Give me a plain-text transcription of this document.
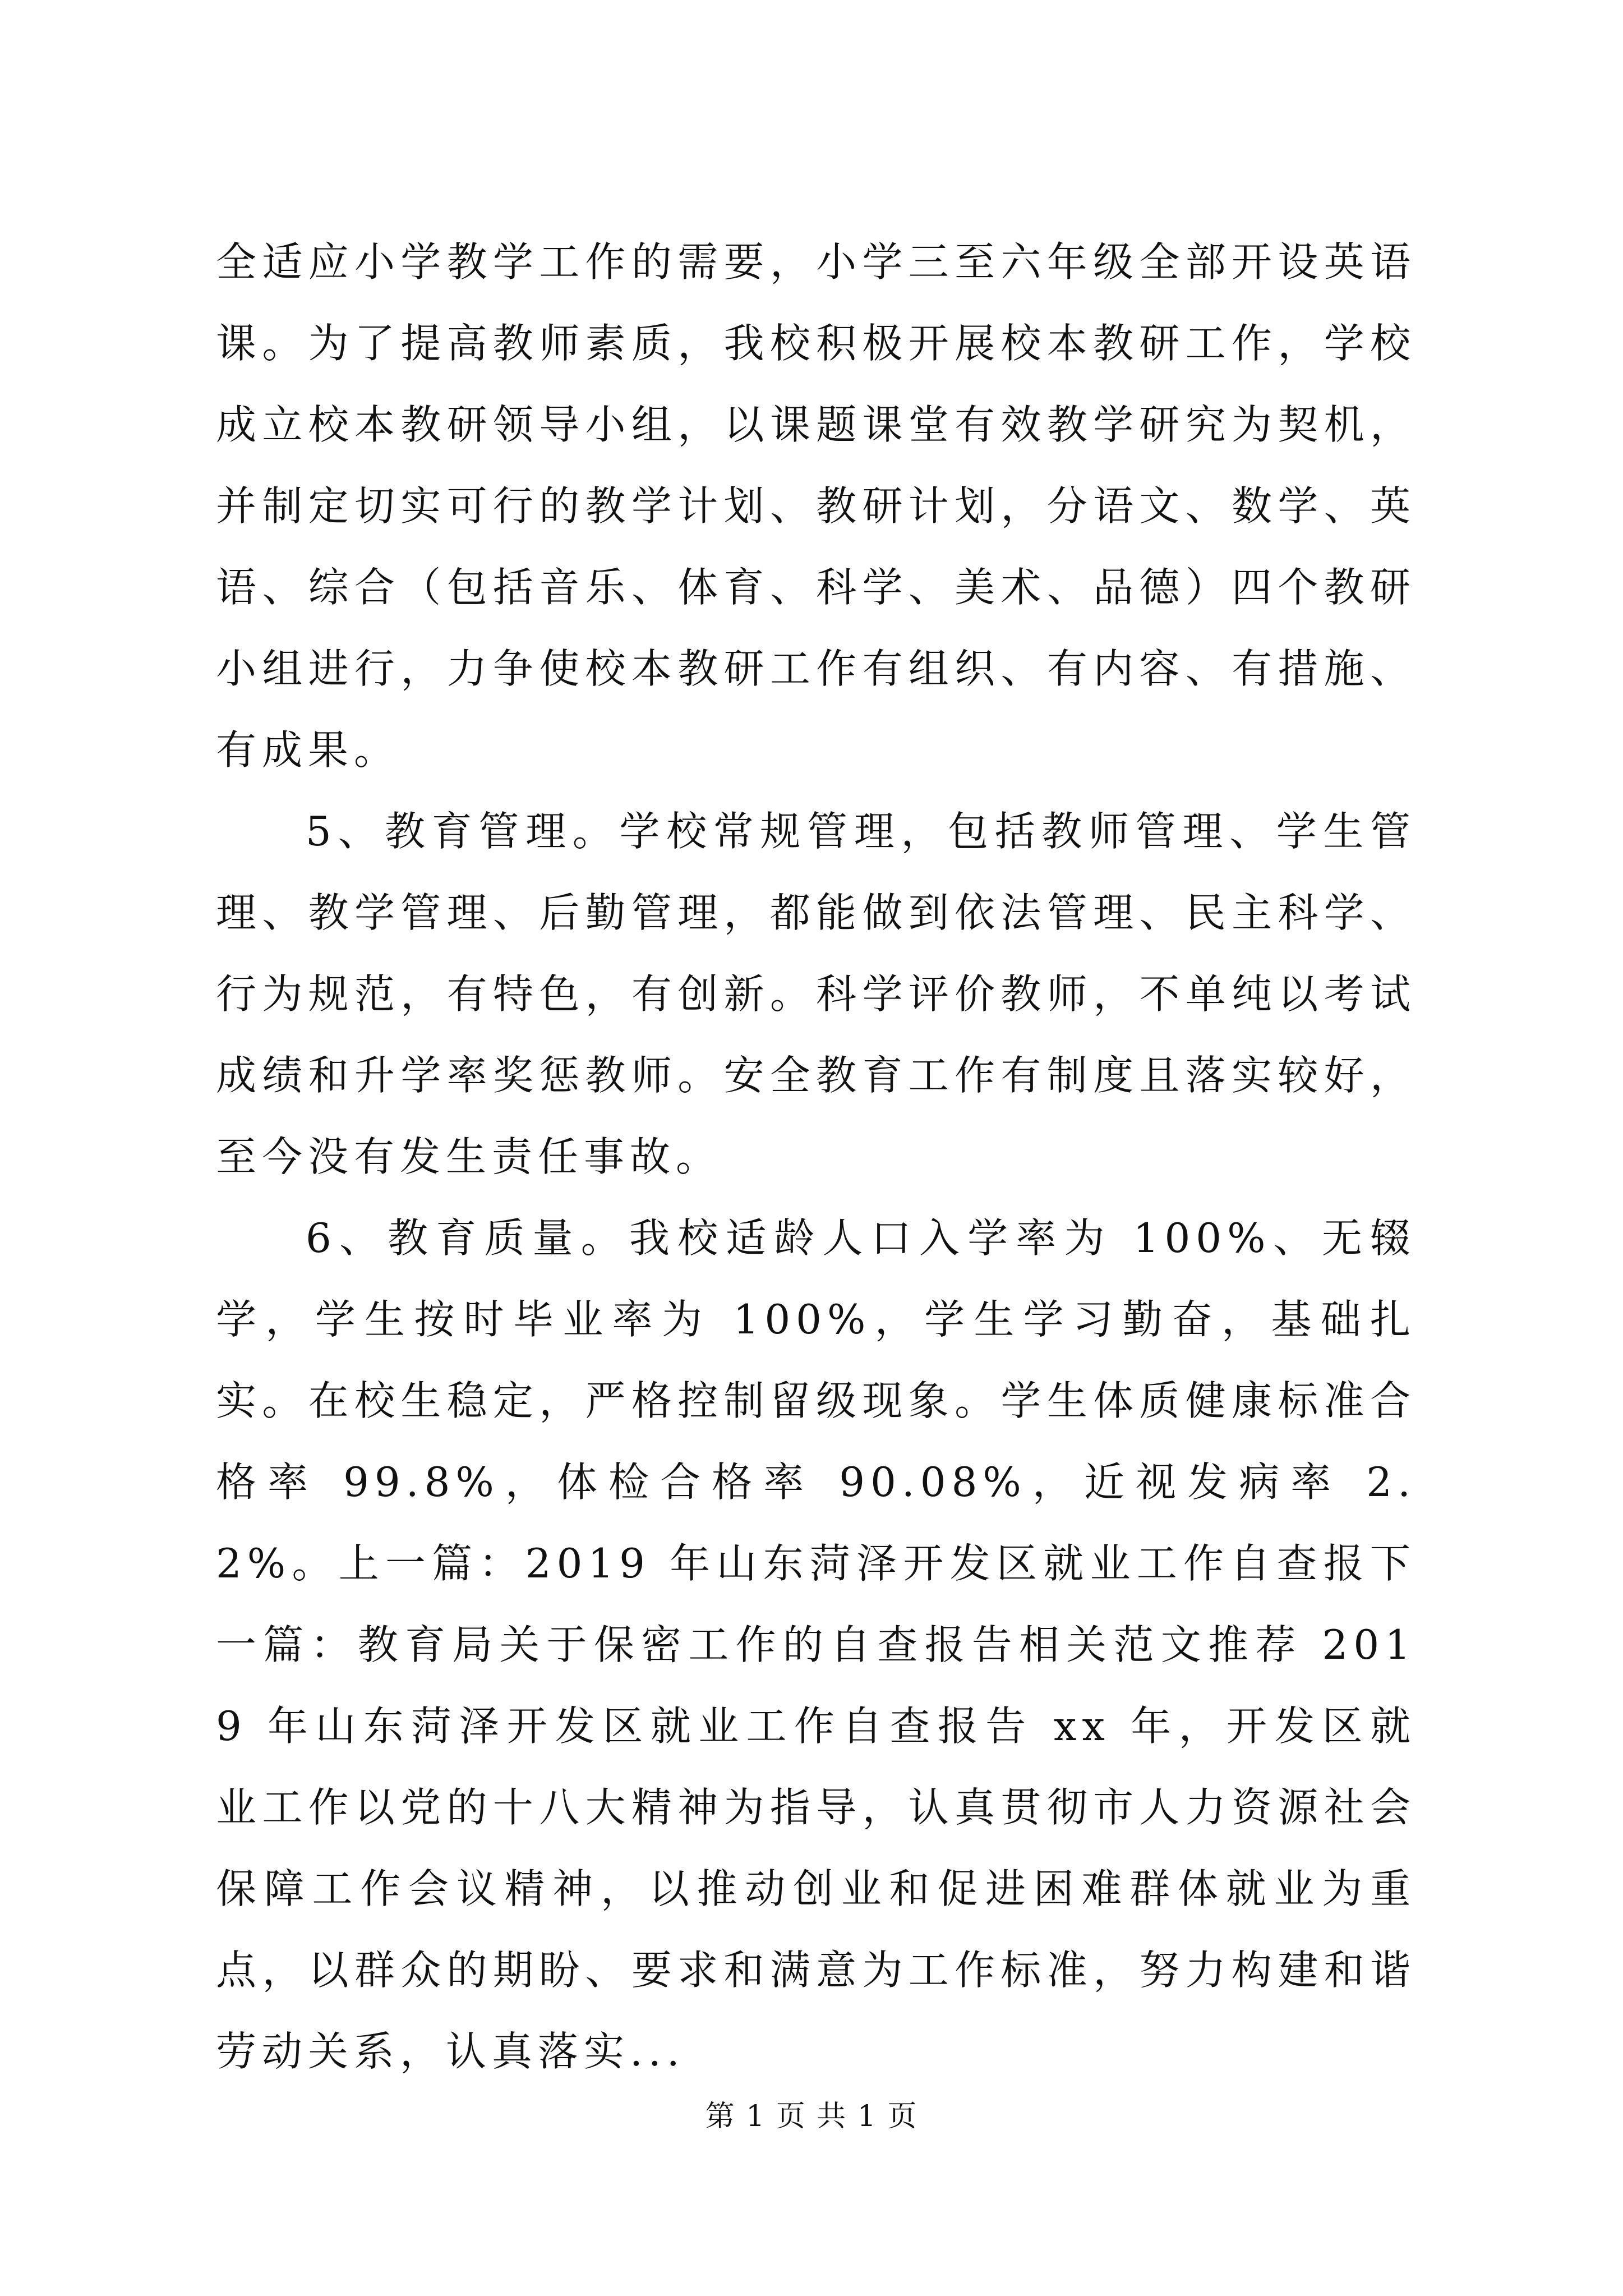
全适应小学教学工作的需要，小学三至六年级全部开设英语课。为了提高教师素质，我校积极开展校本教研工作，学校成立校本教研领导小组，以课题课堂有效教学研究为契机，并制定切实可行的教学计划、教研计划，分语文、数学、英语、综合（包括音乐、体育、科学、美术、品德）四个教研小组进行，力争使校本教研工作有组织、有内容、有措施、有成果。

5、教育管理。学校常规管理，包括教师管理、学生管理、教学管理、后勤管理，都能做到依法管理、民主科学、行为规范，有特色，有创新。科学评价教师，不单纯以考试成绩和升学率奖惩教师。安全教育工作有制度且落实较好，至今没有发生责任事故。

6、教育质量。我校适龄人口入学率为 100%、无辍学，学生按时毕业率为 100%，学生学习勤奋，基础扎实。在校生稳定，严格控制留级现象。学生体质健康标准合格率 99.8%，体检合格率 90.08%，近视发病率 2.2%。上一篇：2019 年山东菏泽开发区就业工作自查报下一篇：教育局关于保密工作的自查报告相关范文推荐 2019 年山东菏泽开发区就业工作自查报告 xx 年，开发区就业工作以党的十八大精神为指导，认真贯彻市人力资源社会保障工作会议精神，以推动创业和促进困难群体就业为重点，以群众的期盼、要求和满意为工作标准，努力构建和谐劳动关系，认真落实...

第 1 页 共 1 页
